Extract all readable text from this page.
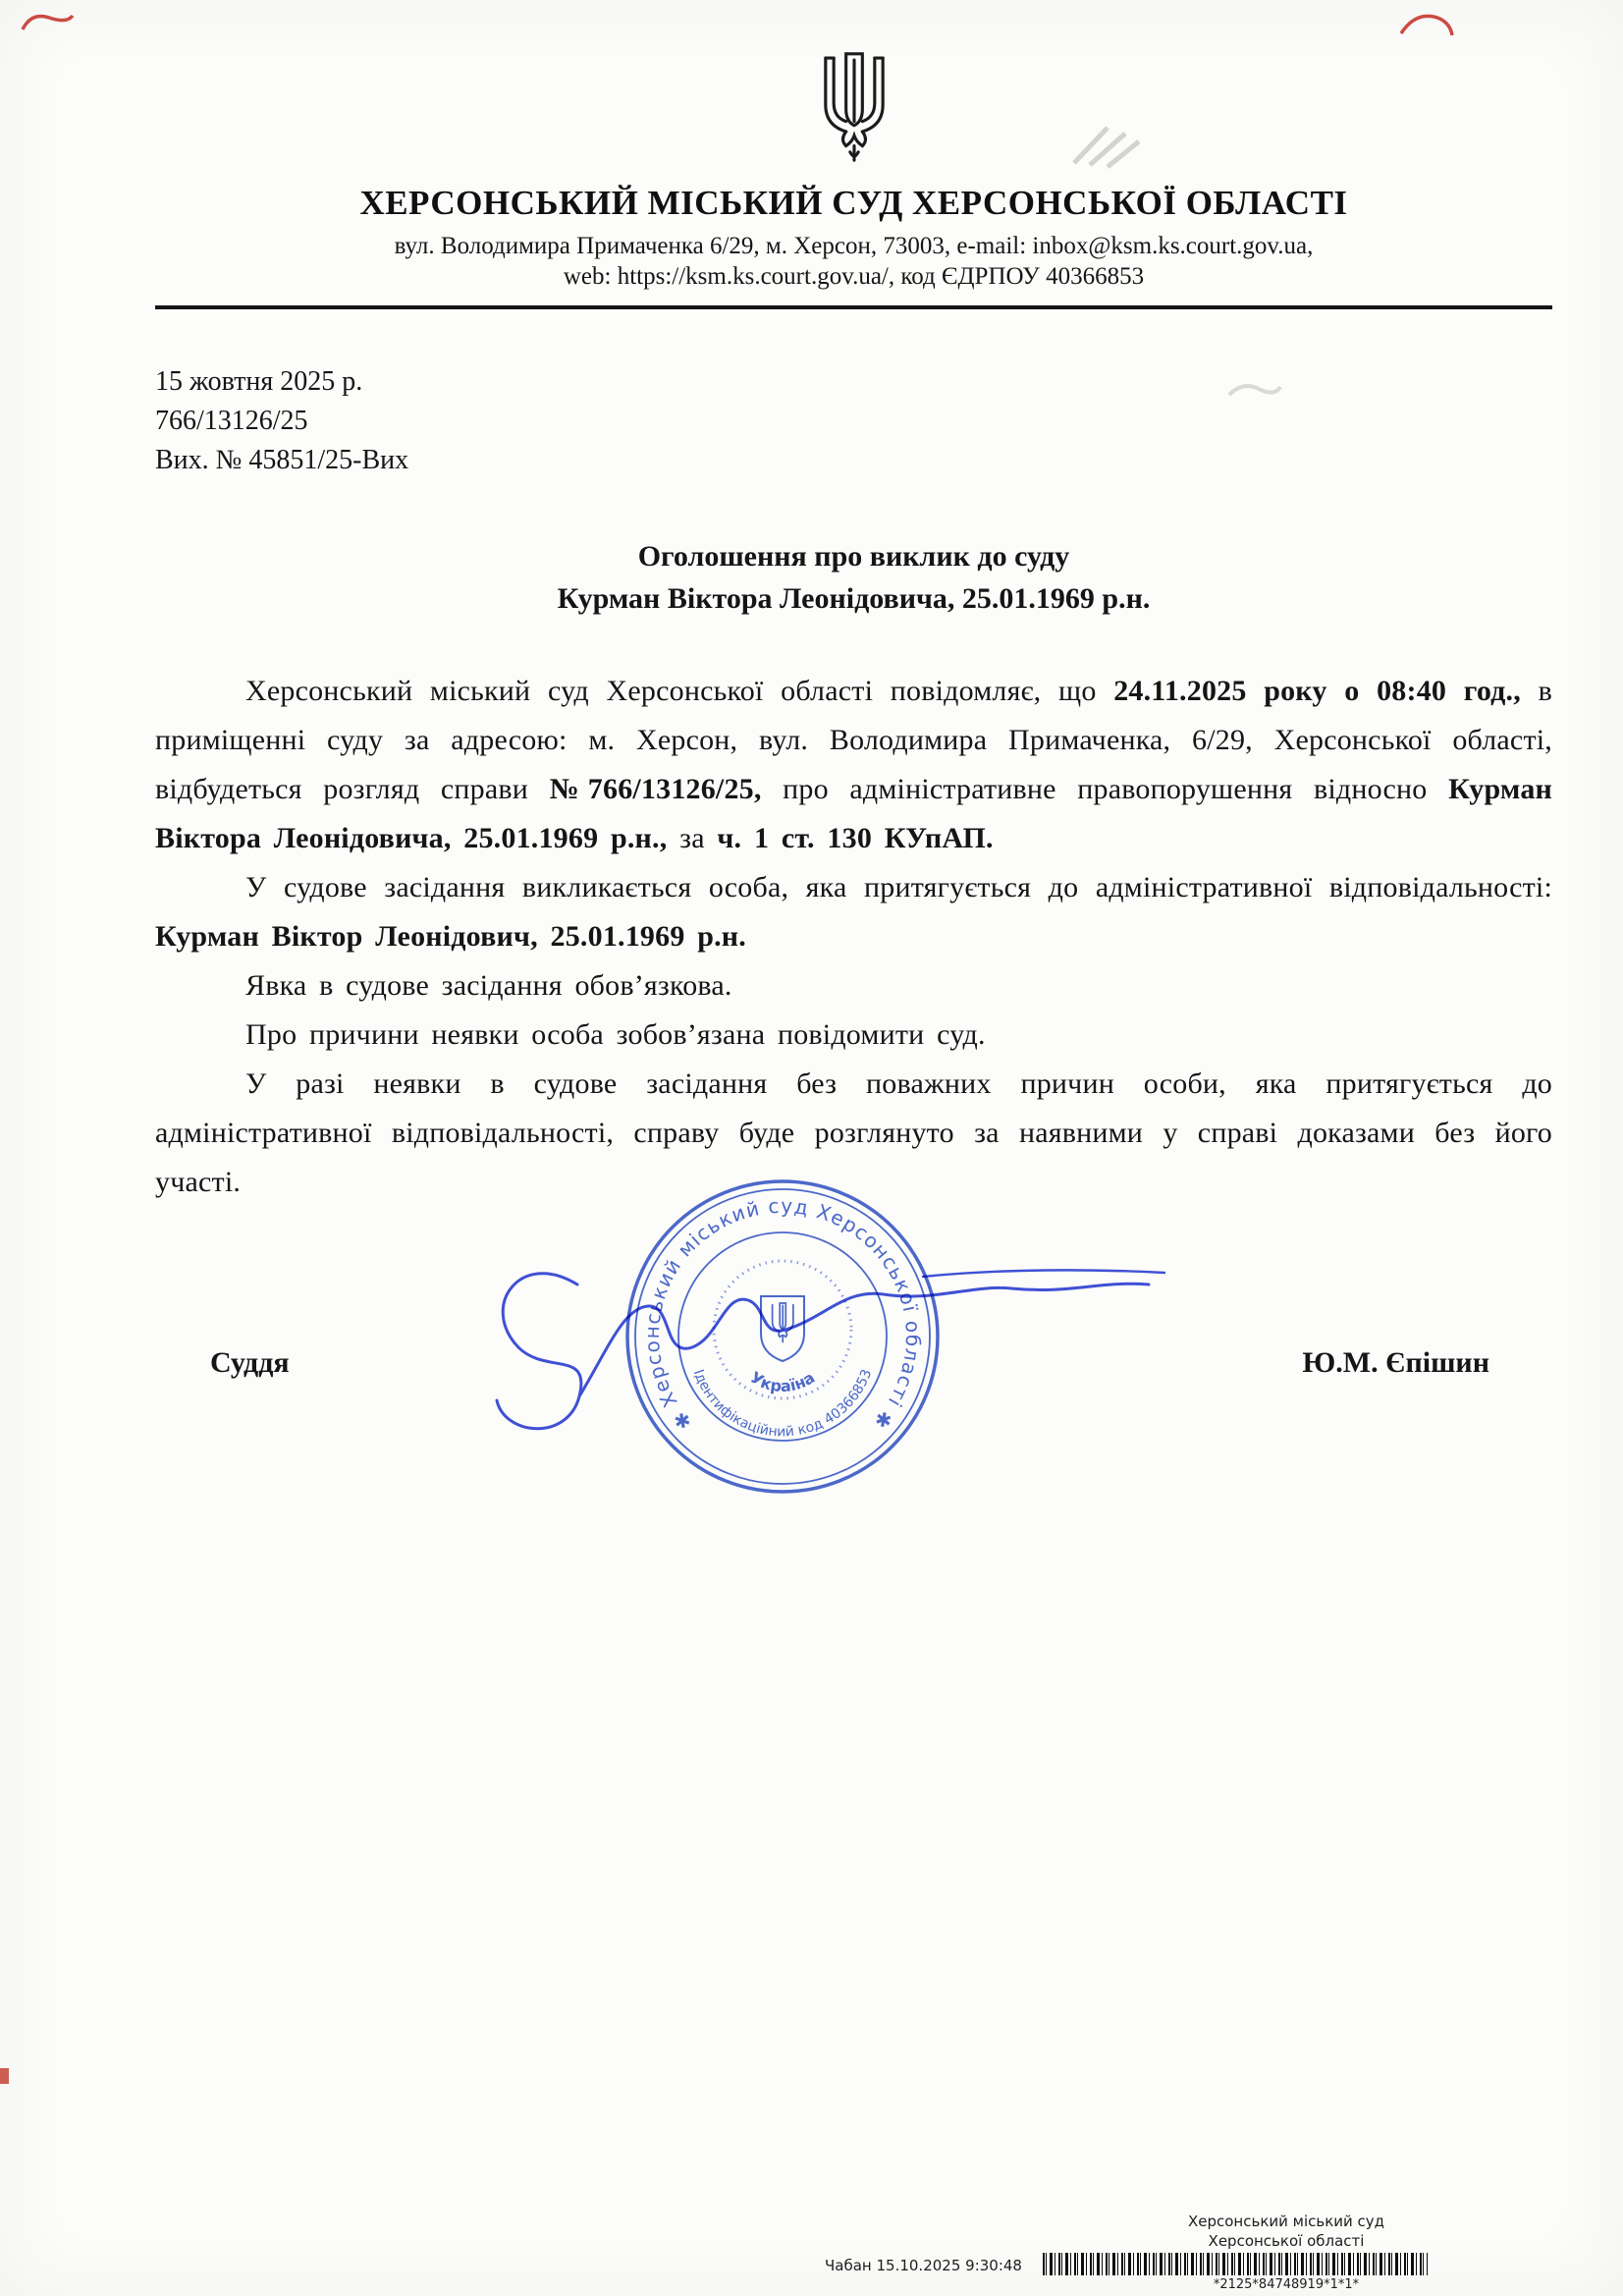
ХЕРСОНСЬКИЙ МІСЬКИЙ СУД ХЕРСОНСЬКОЇ ОБЛАСТІ
вул. Володимира Примаченка 6/29, м. Херсон, 73003, e-mail: inbox@ksm.ks.court.gov.ua,
web: https://ksm.ks.court.gov.ua/, код ЄДРПОУ 40366853
15 жовтня 2025 р.
766/13126/25
Вих. № 45851/25-Вих
Оголошення про виклик до суду
Курман Віктора Леонідовича, 25.01.1969 р.н.

Херсонський міський суд Херсонської області повідомляє, що 24.11.2025 року о 08:40 год., в приміщенні суду за адресою: м. Херсон, вул. Володимира Примаченка, 6/29, Херсонської області, відбудеться розгляд справи №766/13126/25, про адміністративне правопорушення відносно Курман Віктора Леонідовича, 25.01.1969 р.н., за ч. 1 ст. 130 КУпАП.

У судове засідання викликається особа, яка притягується до адміністративної відповідальності: Курман Віктор Леонідович, 25.01.1969 р.н.

Явка в судове засідання обов’язкова.

Про причини неявки особа зобов’язана повідомити суд.

У разі неявки в судове засідання без поважних причин особи, яка притягується до адміністративної відповідальності, справу буде розглянуто за наявними у справі доказами без його участі.

Суддя	Ю.М. Єпішин
✱ Херсонський міський суд Херсонської області ✱
Ідентифікаційний код 40366853
Україна
Чабан 15.10.2025 9:30:48
Херсонський міський суд
Херсонської області
*2125*84748919*1*1*
